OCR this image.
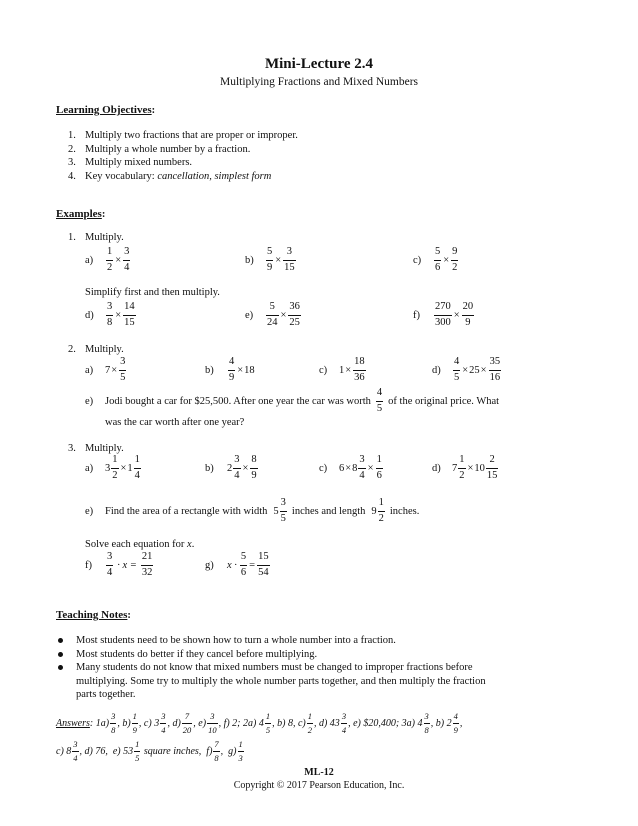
Mini-Lecture 2.4
Multiplying Fractions and Mixed Numbers
Learning Objectives:
1. Multiply two fractions that are proper or improper.
2. Multiply a whole number by a fraction.
3. Multiply mixed numbers.
4. Key vocabulary: cancellation, simplest form
Examples:
1. Multiply.
a)	$\frac{1}{2} \times \frac{3}{4}$	b)	$\frac{5}{9} \times \frac{3}{15}$	c)	$\frac{5}{6} \times \frac{9}{2}$
Simplify first and then multiply.
d)	$\frac{3}{8} \times \frac{14}{15}$	e)	$\frac{5}{24} \times \frac{36}{25}$	f)	$\frac{270}{300} \times \frac{20}{9}$
2. Multiply.
a)	$7 \times \frac{3}{5}$	b)	$\frac{4}{9} \times 18$	c)	$1 \times \frac{18}{36}$	d)	$\frac{4}{5} \times 25 \times \frac{35}{16}$
e)	Jodi bought a car for $25,500. After one year the car was worth $\frac{4}{5}$ of the original price. What
was the car worth after one year?
3. Multiply.
a)	$3 \frac{1}{2} \times 1 \frac{1}{4}$	b)	$2 \frac{3}{4} \times \frac{8}{9}$	c)	$6 \times 8 \frac{3}{4} \times \frac{1}{6}$	d)	$7 \frac{1}{2} \times 10 \frac{2}{15}$
e)	Find the area of a rectangle with width $5 \frac{3}{5}$ inches and length $9 \frac{1}{2}$ inches.
Solve each equation for x.
f)	$\frac{3}{4} \cdot x = \frac{21}{32}$	g)	$x \cdot \frac{5}{6} = \frac{15}{54}$
Teaching Notes:
Most students need to be shown how to turn a whole number into a fraction.
Most students do better if they cancel before multiplying.
Many students do not know that mixed numbers must be changed to improper fractions before
multiplying. Some try to multiply the whole number parts together, and then multiply the fraction
parts together.
Answers : $1a) \frac{3}{8}$ , $b) \frac{1}{9}$ , c) $3 \frac{3}{4}$ , $d) \frac{7}{20}$ , $e) \frac{3}{10}$ , f) 2; 2a) $4 \frac{1}{5}$ , b) 8, $c) \frac{1}{2}$ , d) $43 \frac{3}{4}$ , e) $20,400; 3a) $4 \frac{3}{8}$ , b) $2 \frac{4}{9}$ ,
c) $8 \frac{3}{4}$ , d) 76,  e) $53 \frac{1}{5}$ square inches,  $f) \frac{7}{8}$ ,  $g) \frac{1}{3}$
ML-12
Copyright © 2017 Pearson Education, Inc.
